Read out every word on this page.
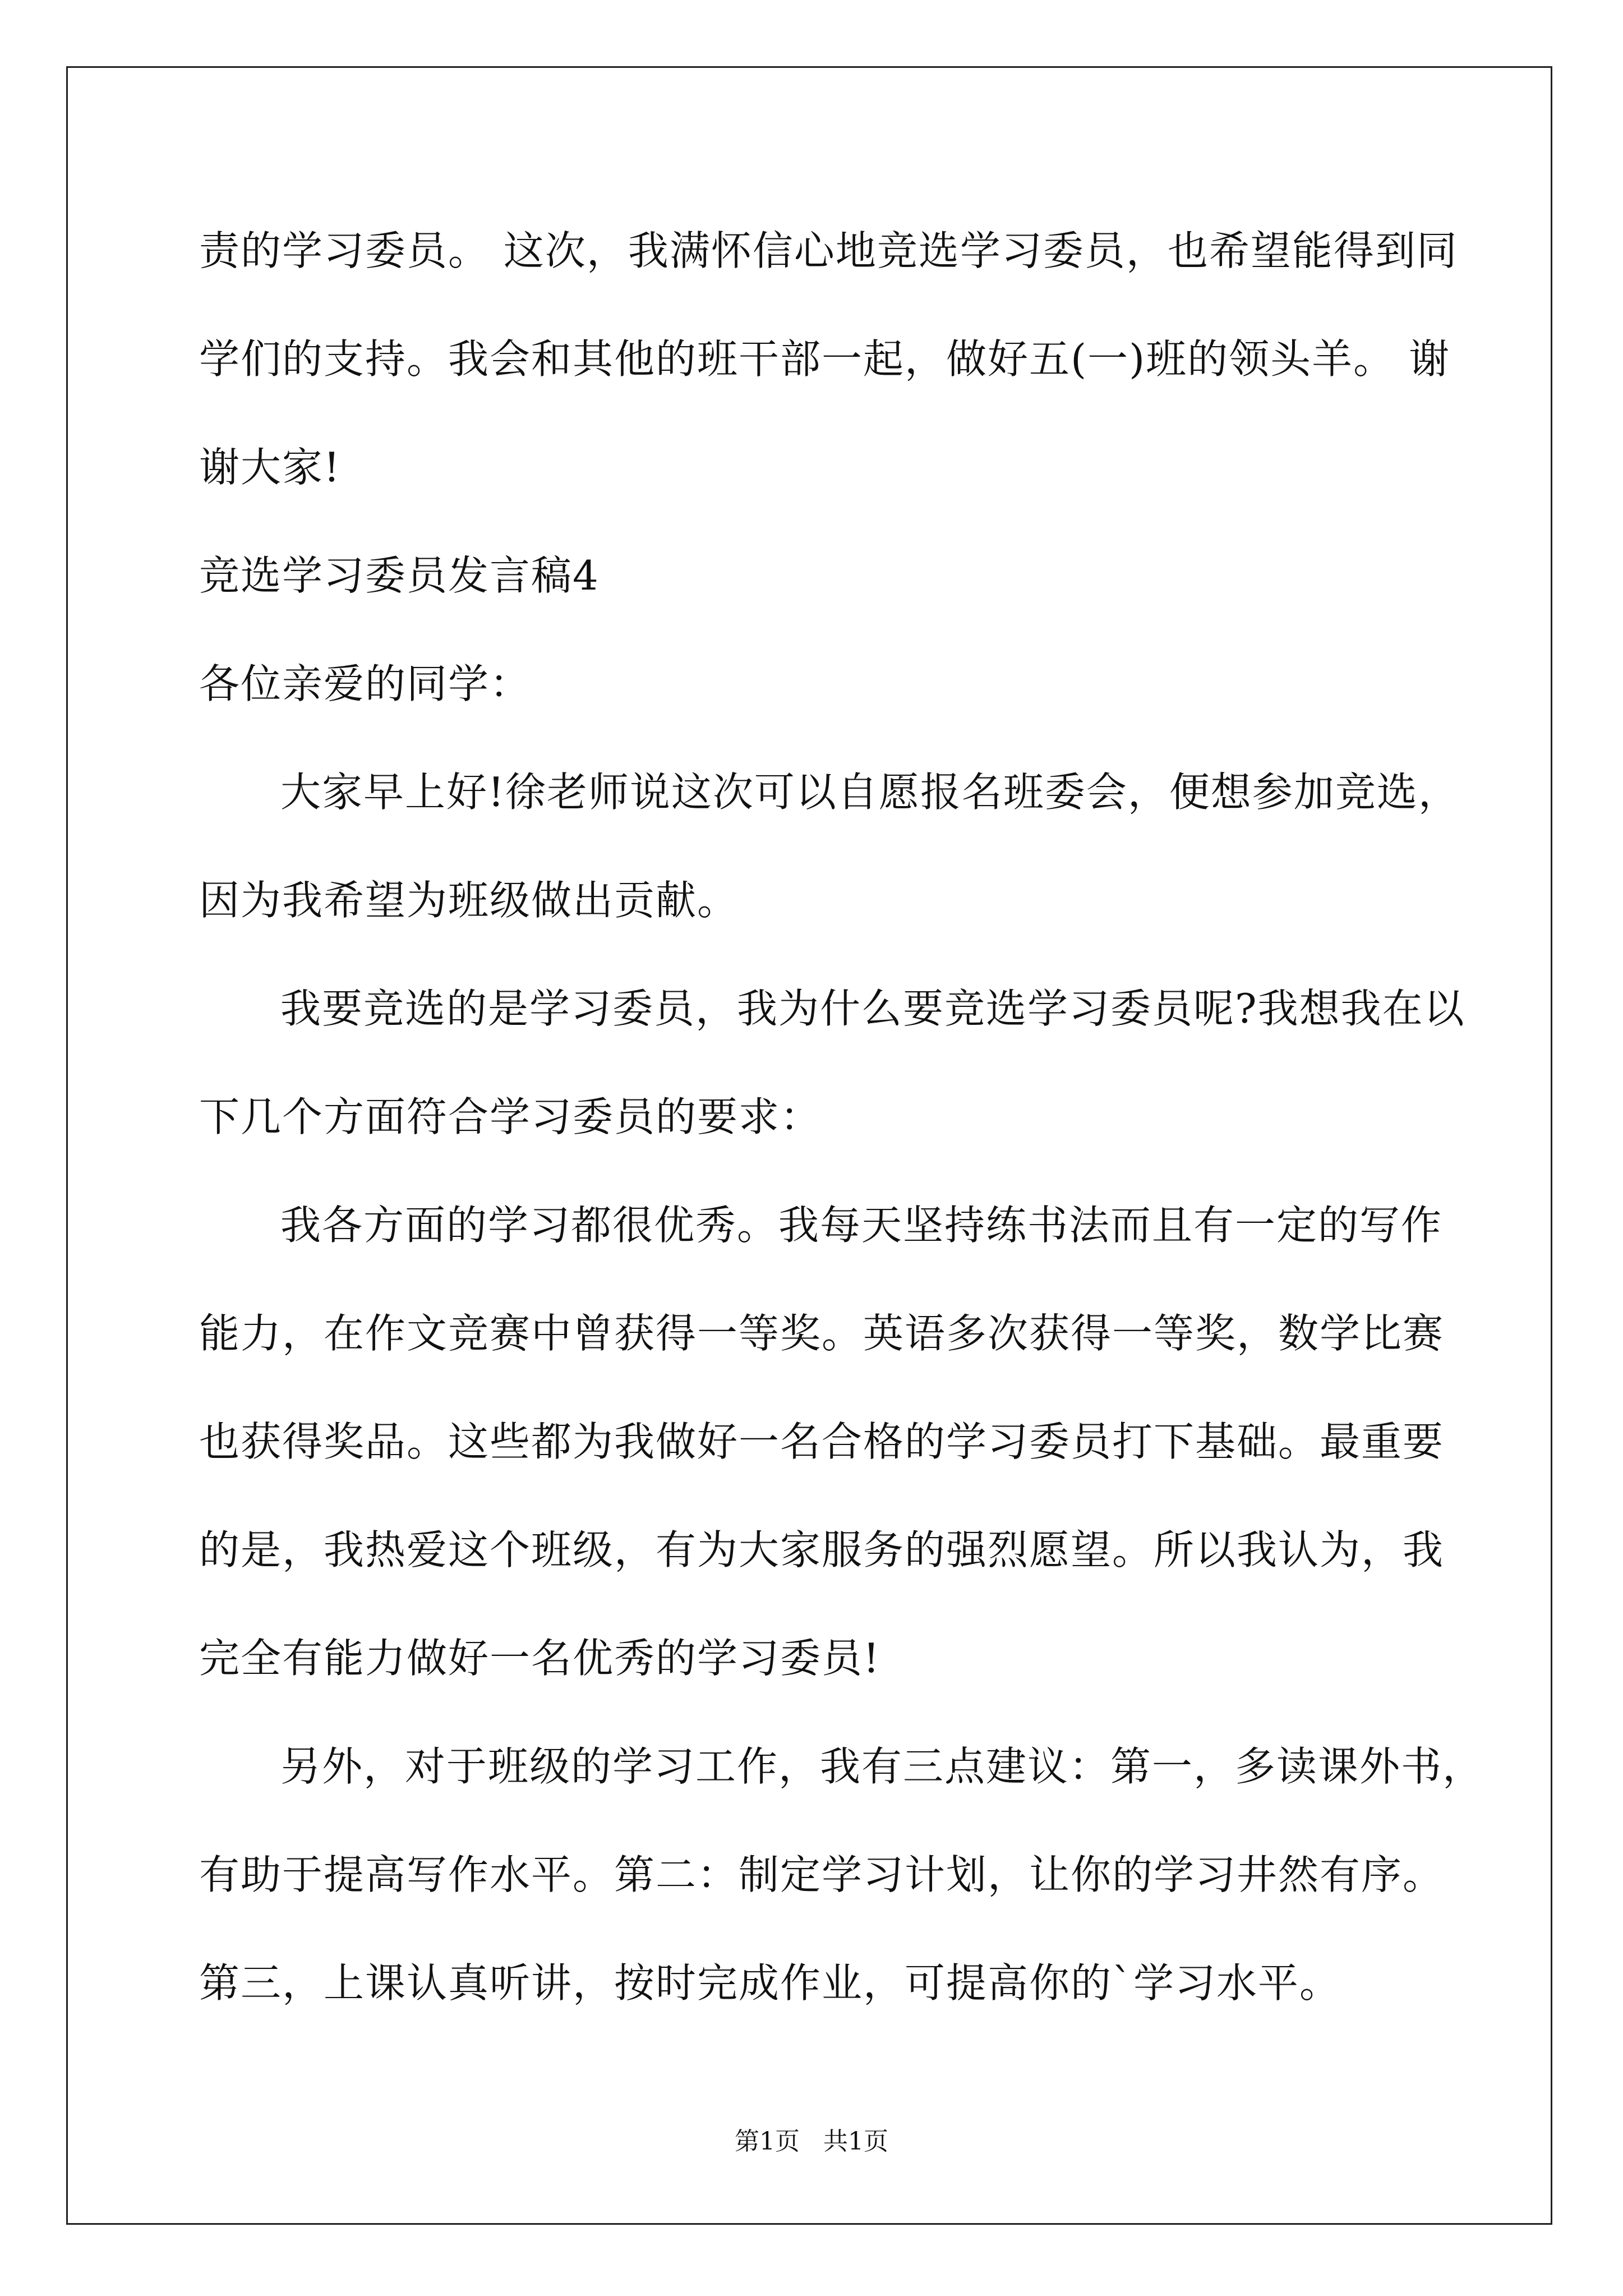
责的学习委员。 这次，我满怀信心地竞选学习委员，也希望能得到同
学们的支持。我会和其他的班干部一起，做好五(一)班的领头羊。 谢
谢大家!
竞选学习委员发言稿4
各位亲爱的同学：
大家早上好!徐老师说这次可以自愿报名班委会，便想参加竞选，
因为我希望为班级做出贡献。
我要竞选的是学习委员，我为什么要竞选学习委员呢?我想我在以
下几个方面符合学习委员的要求：
我各方面的学习都很优秀。我每天坚持练书法而且有一定的写作
能力，在作文竞赛中曾获得一等奖。英语多次获得一等奖，数学比赛
也获得奖品。这些都为我做好一名合格的学习委员打下基础。最重要
的是，我热爱这个班级，有为大家服务的强烈愿望。所以我认为，我
完全有能力做好一名优秀的学习委员!
另外，对于班级的学习工作，我有三点建议：第一，多读课外书，
有助于提高写作水平。第二：制定学习计划，让你的学习井然有序。
第三，上课认真听讲，按时完成作业，可提高你的`学习水平。
第1页   共1页
